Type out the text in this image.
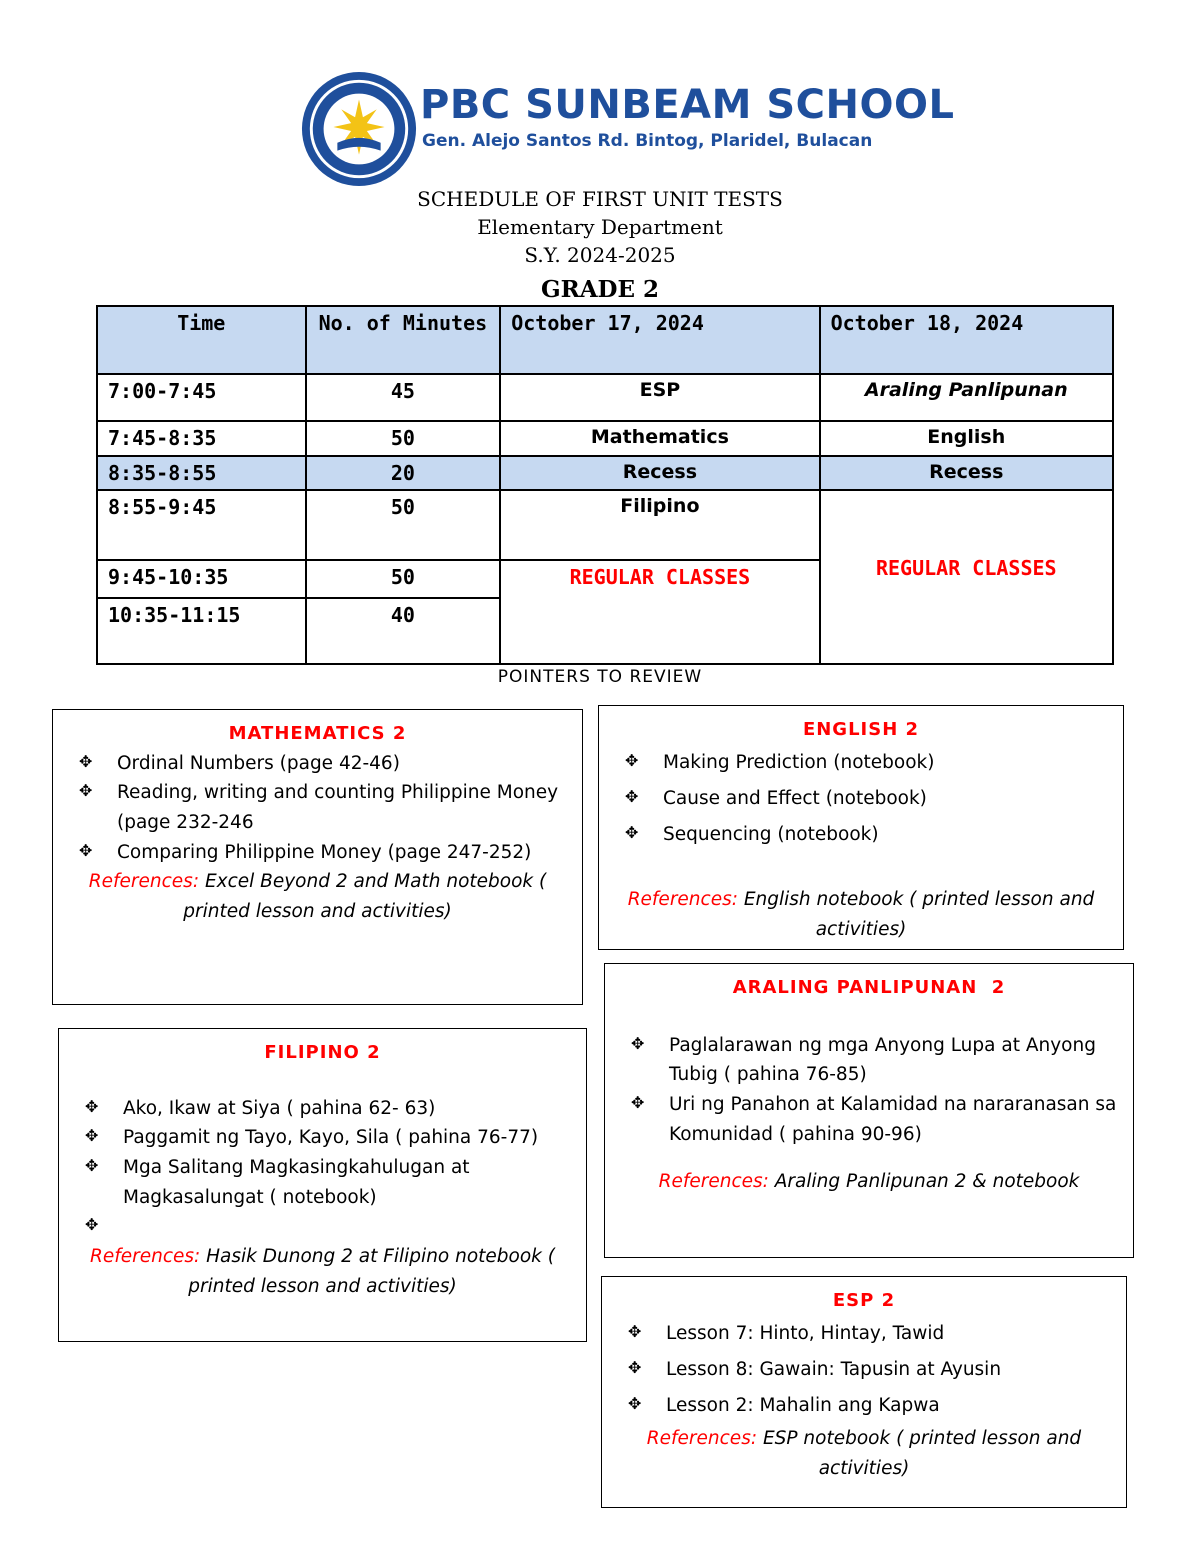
PBC SUNBEAM SCHOOL
Gen. Alejo Santos Rd. Bintog, Plaridel, Bulacan
SCHEDULE OF FIRST UNIT TESTS
Elementary Department
S.Y. 2024-2025
GRADE 2
Time	No. of Minutes	October 17, 2024	October 18, 2024
7:00-7:45	45	ESP	Araling Panlipunan
7:45-8:35	50	Mathematics	English
8:35-8:55	20	Recess	Recess
8:55-9:45	50	Filipino	REGULAR CLASSES
9:45-10:35	50	REGULAR CLASSES	
10:35-11:15	40		
POINTERS TO REVIEW
MATHEMATICS 2
✥ Ordinal Numbers (page 42-46)
✥ Reading, writing and counting Philippine Money (page 232-246
✥ Comparing Philippine Money (page 247-252)
References: Excel Beyond 2 and Math notebook ( printed lesson and activities)
ENGLISH 2
✥ Making Prediction (notebook)
✥ Cause and Effect (notebook)
✥ Sequencing (notebook)
References: English notebook ( printed lesson and activities)
ARALING PANLIPUNAN  2
✥ Paglalarawan ng mga Anyong Lupa at Anyong Tubig ( pahina 76-85)
✥ Uri ng Panahon at Kalamidad na nararanasan sa Komunidad ( pahina 90-96)
References: Araling Panlipunan 2 & notebook
FILIPINO 2
✥ Ako, Ikaw at Siya ( pahina 62- 63)
✥ Paggamit ng Tayo, Kayo, Sila ( pahina 76-77)
✥ Mga Salitang Magkasingkahulugan at Magkasalungat ( notebook)
✥
References: Hasik Dunong 2 at Filipino notebook ( printed lesson and activities)
ESP 2
✥ Lesson 7: Hinto, Hintay, Tawid
✥ Lesson 8: Gawain: Tapusin at Ayusin
✥ Lesson 2: Mahalin ang Kapwa
References: ESP notebook ( printed lesson and activities)
